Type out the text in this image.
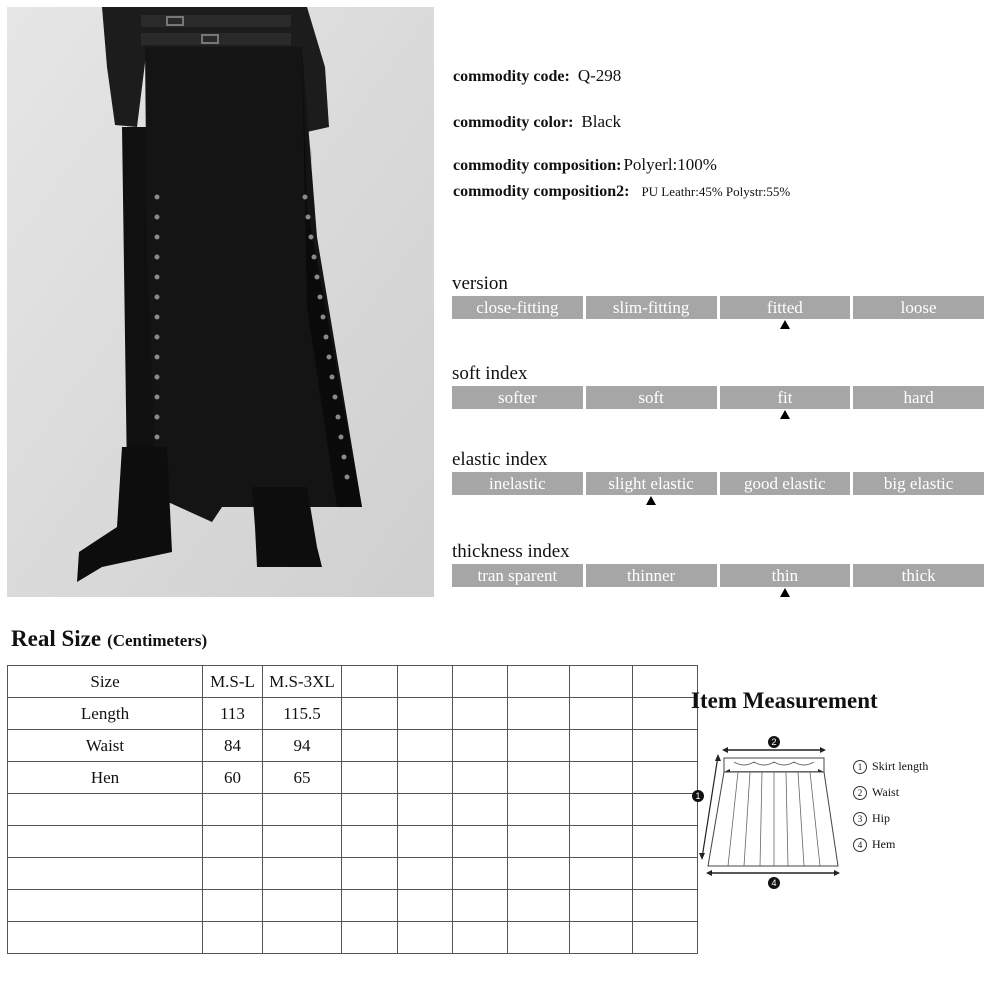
commodity code: Q-298
commodity color: Black
commodity composition: Polyerl:100%
commodity composition2: PU Leathr:45% Polystr:55%
version
close-fitting	slim-fitting	fitted	loose
soft index
softer	soft	fit	hard
elastic index
inelastic	slight elastic	good elastic	big elastic
thickness index
tran sparent	thinner	thin	thick
Real Size (Centimeters)
Size	M.S-L	M.S-3XL						
Length	113	115.5						
Waist	84	94						
Hen	60	65						

Item Measurement
2
1
4
1 Skirt length
2 Waist
3 Hip
4 Hem
